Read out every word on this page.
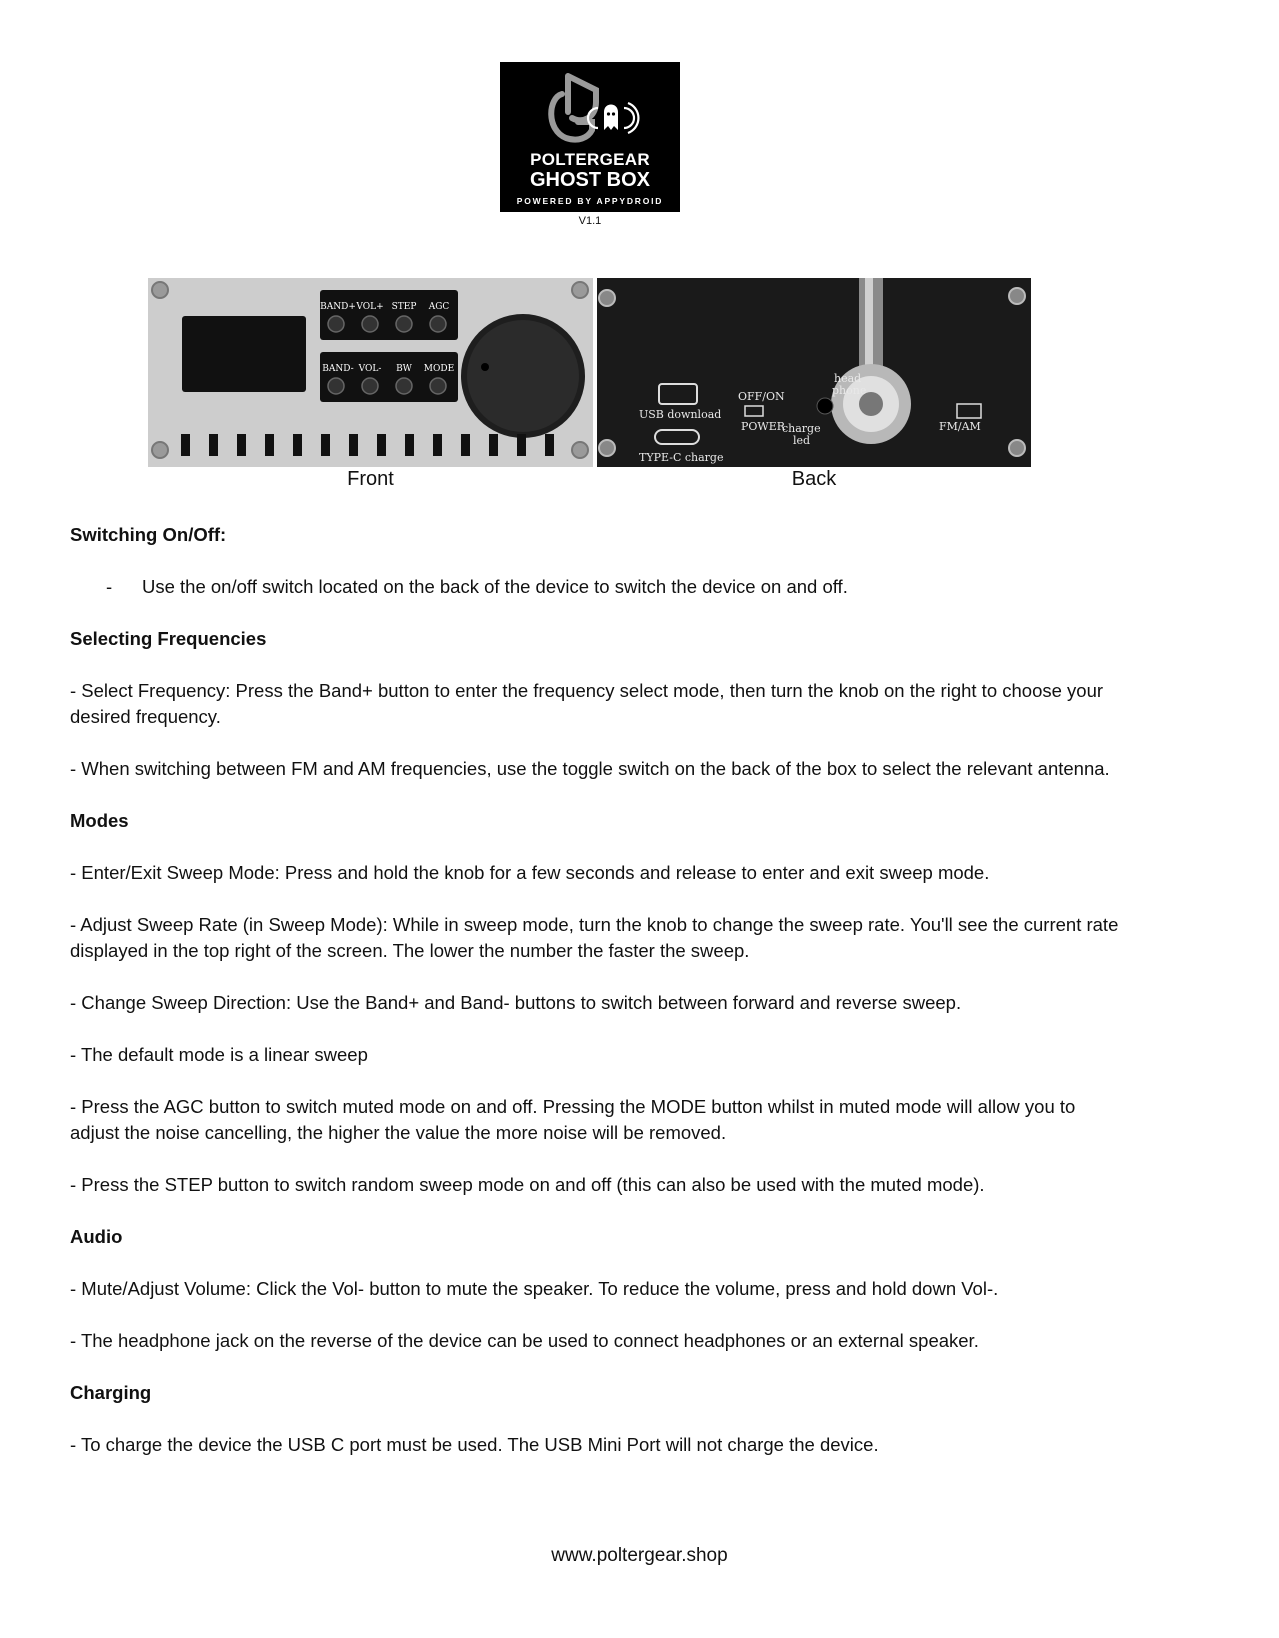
POLTERGEAR
GHOST BOX
POWERED BY APPYDROID
V1.1
BAND+ VOL+ STEP AGC
BAND- VOL- BW MODE
Front
USB download
TYPE-C charge
OFF/ON
POWER
charge
led
head
phone
FM/AM
Back
Switching On/Off:
-	Use the on/off switch located on the back of the device to switch the device on and off.
Selecting Frequencies

- Select Frequency: Press the Band+ button to enter the frequency select mode, then turn the knob on the right to choose your desired frequency.

- When switching between FM and AM frequencies, use the toggle switch on the back of the box to select the relevant antenna.

Modes

- Enter/Exit Sweep Mode: Press and hold the knob for a few seconds and release to enter and exit sweep mode.

- Adjust Sweep Rate (in Sweep Mode): While in sweep mode, turn the knob to change the sweep rate. You'll see the current rate displayed in the top right of the screen. The lower the number the faster the sweep.

- Change Sweep Direction: Use the Band+ and Band- buttons to switch between forward and reverse sweep.

- The default mode is a linear sweep

- Press the AGC button to switch muted mode on and off. Pressing the MODE button whilst in muted mode will allow you to adjust the noise cancelling, the higher the value the more noise will be removed.

- Press the STEP button to switch random sweep mode on and off (this can also be used with the muted mode).

Audio

- Mute/Adjust Volume: Click the Vol- button to mute the speaker. To reduce the volume, press and hold down Vol-.

- The headphone jack on the reverse of the device can be used to connect headphones or an external speaker.

Charging

- To charge the device the USB C port must be used. The USB Mini Port will not charge the device.

www.poltergear.shop
